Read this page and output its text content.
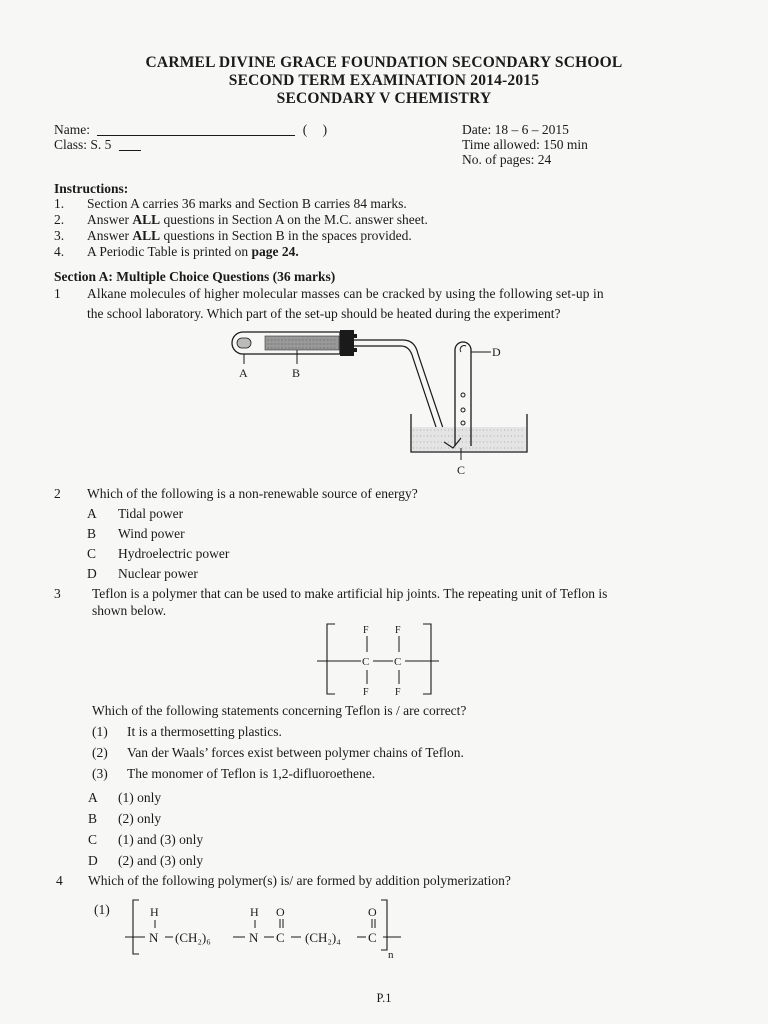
CARMEL DIVINE GRACE FOUNDATION SECONDARY SCHOOL
SECOND TERM EXAMINATION 2014-2015
SECONDARY V CHEMISTRY
Name:	( )
Class: S. 5
Date: 18 – 6 – 2015
Time allowed: 150 min
No. of pages: 24
Instructions:
1. Section A carries 36 marks and Section B carries 84 marks.
2. Answer ALL questions in Section A on the M.C. answer sheet.
3. Answer ALL questions in Section B in the spaces provided.
4. A Periodic Table is printed on page 24.
Section A: Multiple Choice Questions (36 marks)
1 Alkane molecules of higher molecular masses can be cracked by using the following set-up in
the school laboratory. Which part of the set-up should be heated during the experiment?
A	B
D
C
2 Which of the following is a non-renewable source of energy?
A Tidal power
B Wind power
C Hydroelectric power
D Nuclear power
3 Teflon is a polymer that can be used to make artificial hip joints. The repeating unit of Teflon is
shown below.
F	F
C C
F	F
Which of the following statements concerning Teflon is / are correct?
(1) It is a thermosetting plastics.
(2) Van der Waals’ forces exist between polymer chains of Teflon.
(3) The monomer of Teflon is 1,2-difluoroethene.
A (1) only
B (2) only
C (1) and (3) only
D (2) and (3) only
4 Which of the following polymer(s) is/ are formed by addition polymerization?
(1)	H	H O	O
N (CH₂)₆	N C (CH₂)₄ C
n
P.1
